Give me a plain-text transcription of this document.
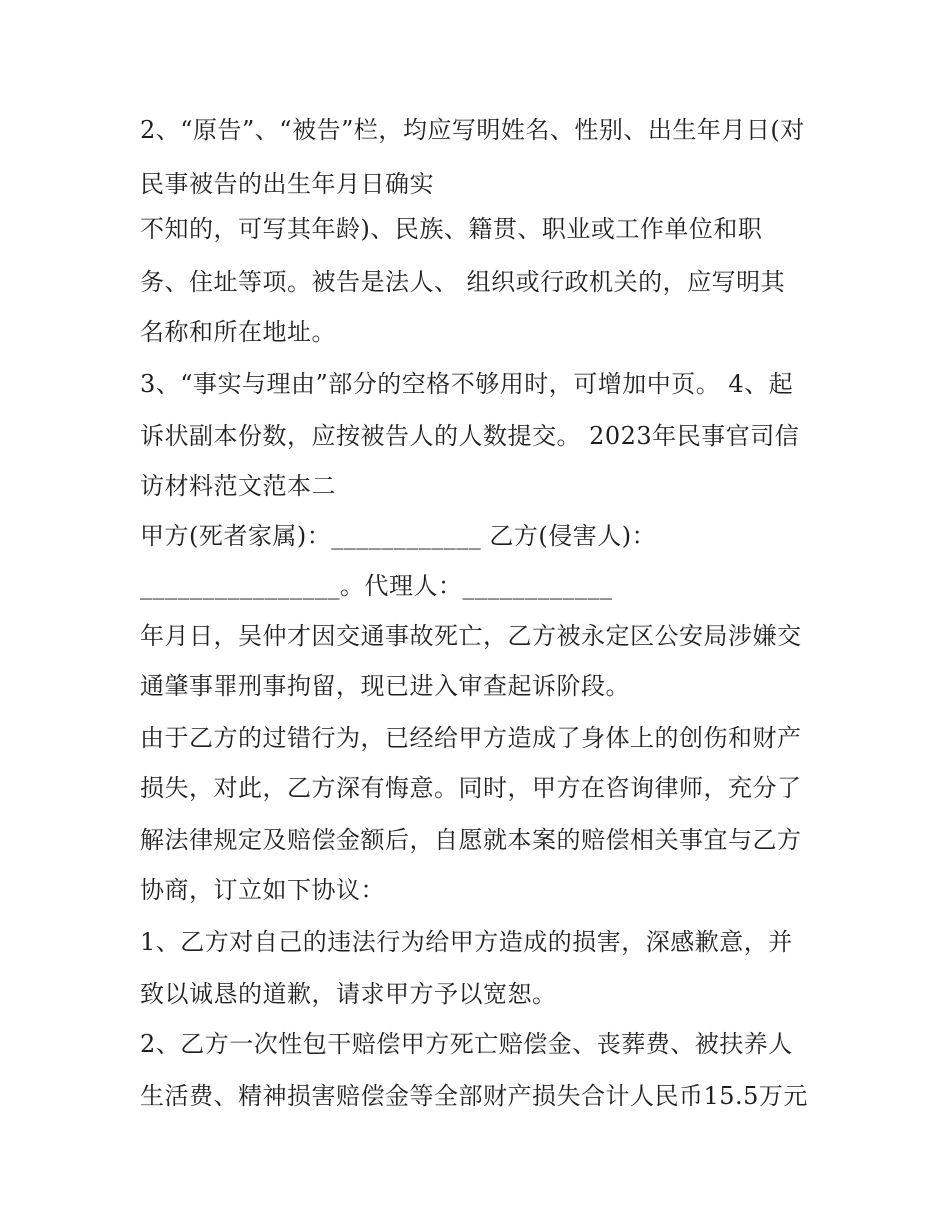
2、“原告”、“被告”栏，均应写明姓名、性别、出生年月日(对
民事被告的出生年月日确实
不知的，可写其年龄)、民族、籍贯、职业或工作单位和职
务、住址等项。被告是法人、 组织或行政机关的，应写明其
名称和所在地址。
3、“事实与理由”部分的空格不够用时，可增加中页。 4、起
诉状副本份数，应按被告人的人数提交。 2023年民事官司信
访材料范文范本二
甲方(死者家属)：____________ 乙方(侵害人)：
________________。代理人：____________
年月日，吴仲才因交通事故死亡，乙方被永定区公安局涉嫌交
通肇事罪刑事拘留，现已进入审查起诉阶段。
由于乙方的过错行为，已经给甲方造成了身体上的创伤和财产
损失，对此，乙方深有悔意。同时，甲方在咨询律师，充分了
解法律规定及赔偿金额后，自愿就本案的赔偿相关事宜与乙方
协商，订立如下协议：
1、乙方对自己的违法行为给甲方造成的损害，深感歉意，并
致以诚恳的道歉，请求甲方予以宽恕。
2、乙方一次性包干赔偿甲方死亡赔偿金、丧葬费、被扶养人
生活费、精神损害赔偿金等全部财产损失合计人民币15.5万元
